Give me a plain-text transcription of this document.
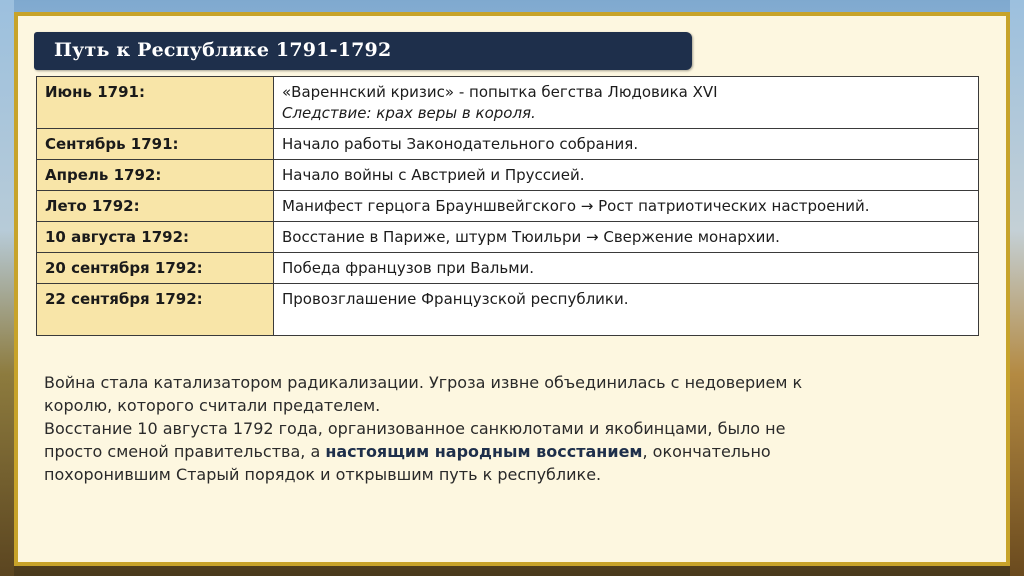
Путь к Республике 1791-1792
Июнь 1791:	«Вареннский кризис» - попытка бегства Людовика XVI
Следствие: крах веры в короля.

Сентябрь 1791:	Начало работы Законодательного собрания.
Апрель 1792:	Начало войны с Австрией и Пруссией.
Лето 1792:	Манифест герцога Брауншвейгского → Рост патриотических настроений.
10 августа 1792:	Восстание в Париже, штурм Тюильри → Свержение монархии.
20 сентября 1792:	Победа французов при Вальми.
22 сентября 1792:	Провозглашение Французской республики.

Война стала катализатором радикализации. Угроза извне объединилась с недоверием к королю, которого считали предателем.

Восстание 10 августа 1792 года, организованное санкюлотами и якобинцами, было не просто сменой правительства, а настоящим народным восстанием, окончательно похоронившим Старый порядок и открывшим путь к республике.
